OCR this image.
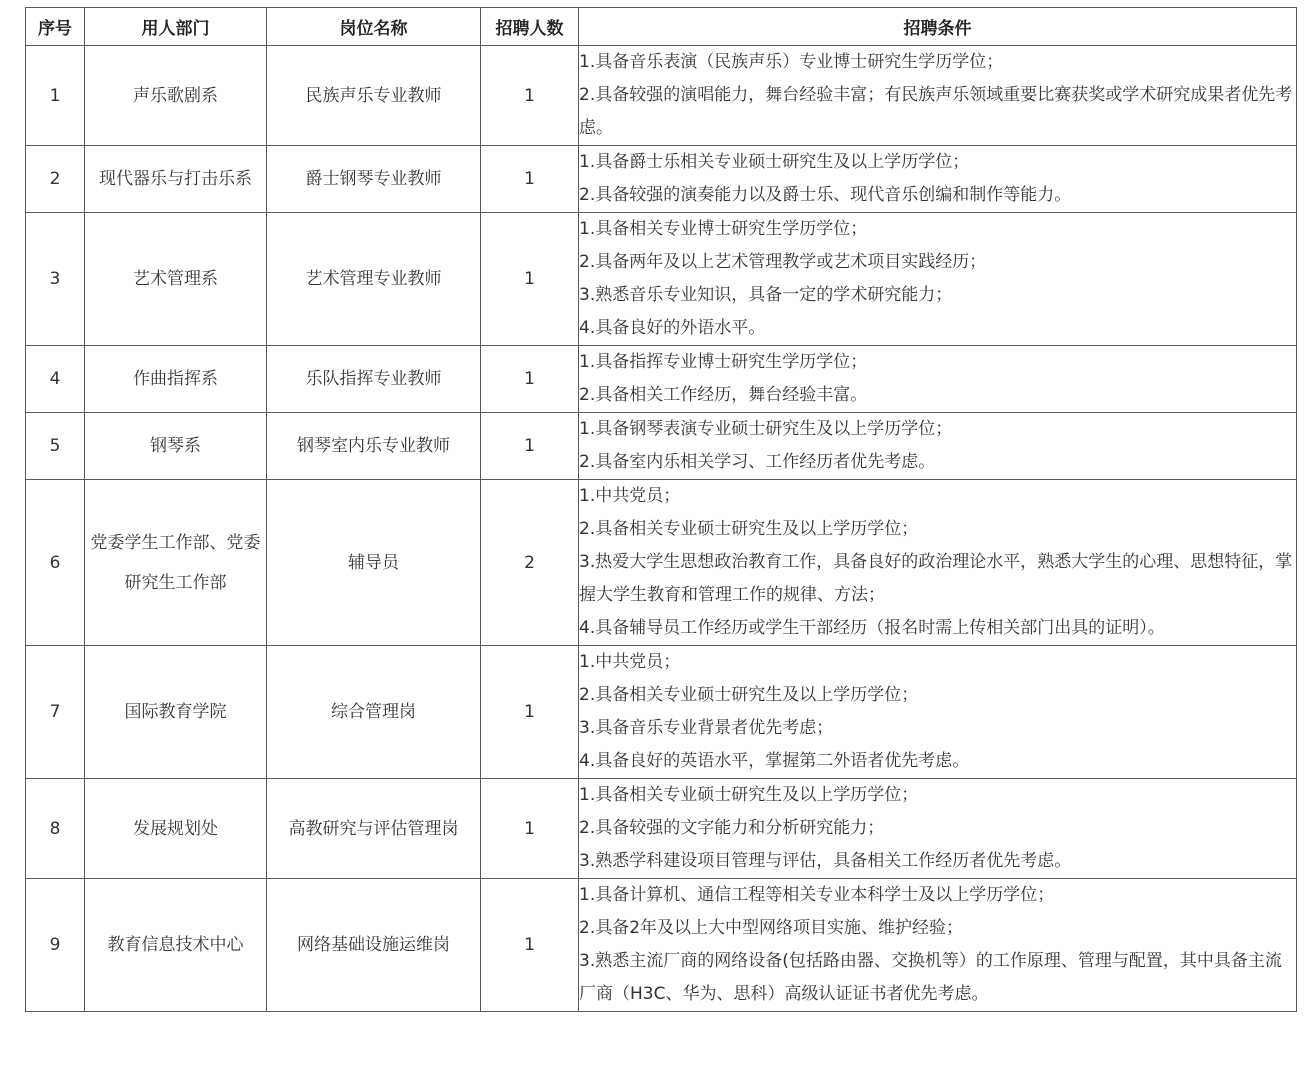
序号	用人部门	岗位名称	招聘人数	招聘条件
1	声乐歌剧系	民族声乐专业教师	1	1.具备音乐表演（民族声乐）专业博士研究生学历学位；
2.具备较强的演唱能力，舞台经验丰富；有民族声乐领域重要比赛获奖或学术研究成果者优先考虑。

2	现代器乐与打击乐系	爵士钢琴专业教师	1	1.具备爵士乐相关专业硕士研究生及以上学历学位；
2.具备较强的演奏能力以及爵士乐、现代音乐创编和制作等能力。

3	艺术管理系	艺术管理专业教师	1	1.具备相关专业博士研究生学历学位；
2.具备两年及以上艺术管理教学或艺术项目实践经历；
3.熟悉音乐专业知识，具备一定的学术研究能力；
4.具备良好的外语水平。

4	作曲指挥系	乐队指挥专业教师	1	1.具备指挥专业博士研究生学历学位；
2.具备相关工作经历，舞台经验丰富。

5	钢琴系	钢琴室内乐专业教师	1	1.具备钢琴表演专业硕士研究生及以上学历学位；
2.具备室内乐相关学习、工作经历者优先考虑。

6	党委学生工作部、党委研究生工作部	辅导员	2	1.中共党员；
2.具备相关专业硕士研究生及以上学历学位；
3.热爱大学生思想政治教育工作，具备良好的政治理论水平，熟悉大学生的心理、思想特征，掌握大学生教育和管理工作的规律、方法；
4.具备辅导员工作经历或学生干部经历（报名时需上传相关部门出具的证明）。

7	国际教育学院	综合管理岗	1	1.中共党员；
2.具备相关专业硕士研究生及以上学历学位；
3.具备音乐专业背景者优先考虑；
4.具备良好的英语水平，掌握第二外语者优先考虑。

8	发展规划处	高教研究与评估管理岗	1	1.具备相关专业硕士研究生及以上学历学位；
2.具备较强的文字能力和分析研究能力；
3.熟悉学科建设项目管理与评估，具备相关工作经历者优先考虑。

9	教育信息技术中心	网络基础设施运维岗	1	1.具备计算机、通信工程等相关专业本科学士及以上学历学位；
2.具备2年及以上大中型网络项目实施、维护经验；
3.熟悉主流厂商的网络设备(包括路由器、交换机等）的工作原理、管理与配置，其中具备主流厂商（H3C、华为、思科）高级认证证书者优先考虑。
